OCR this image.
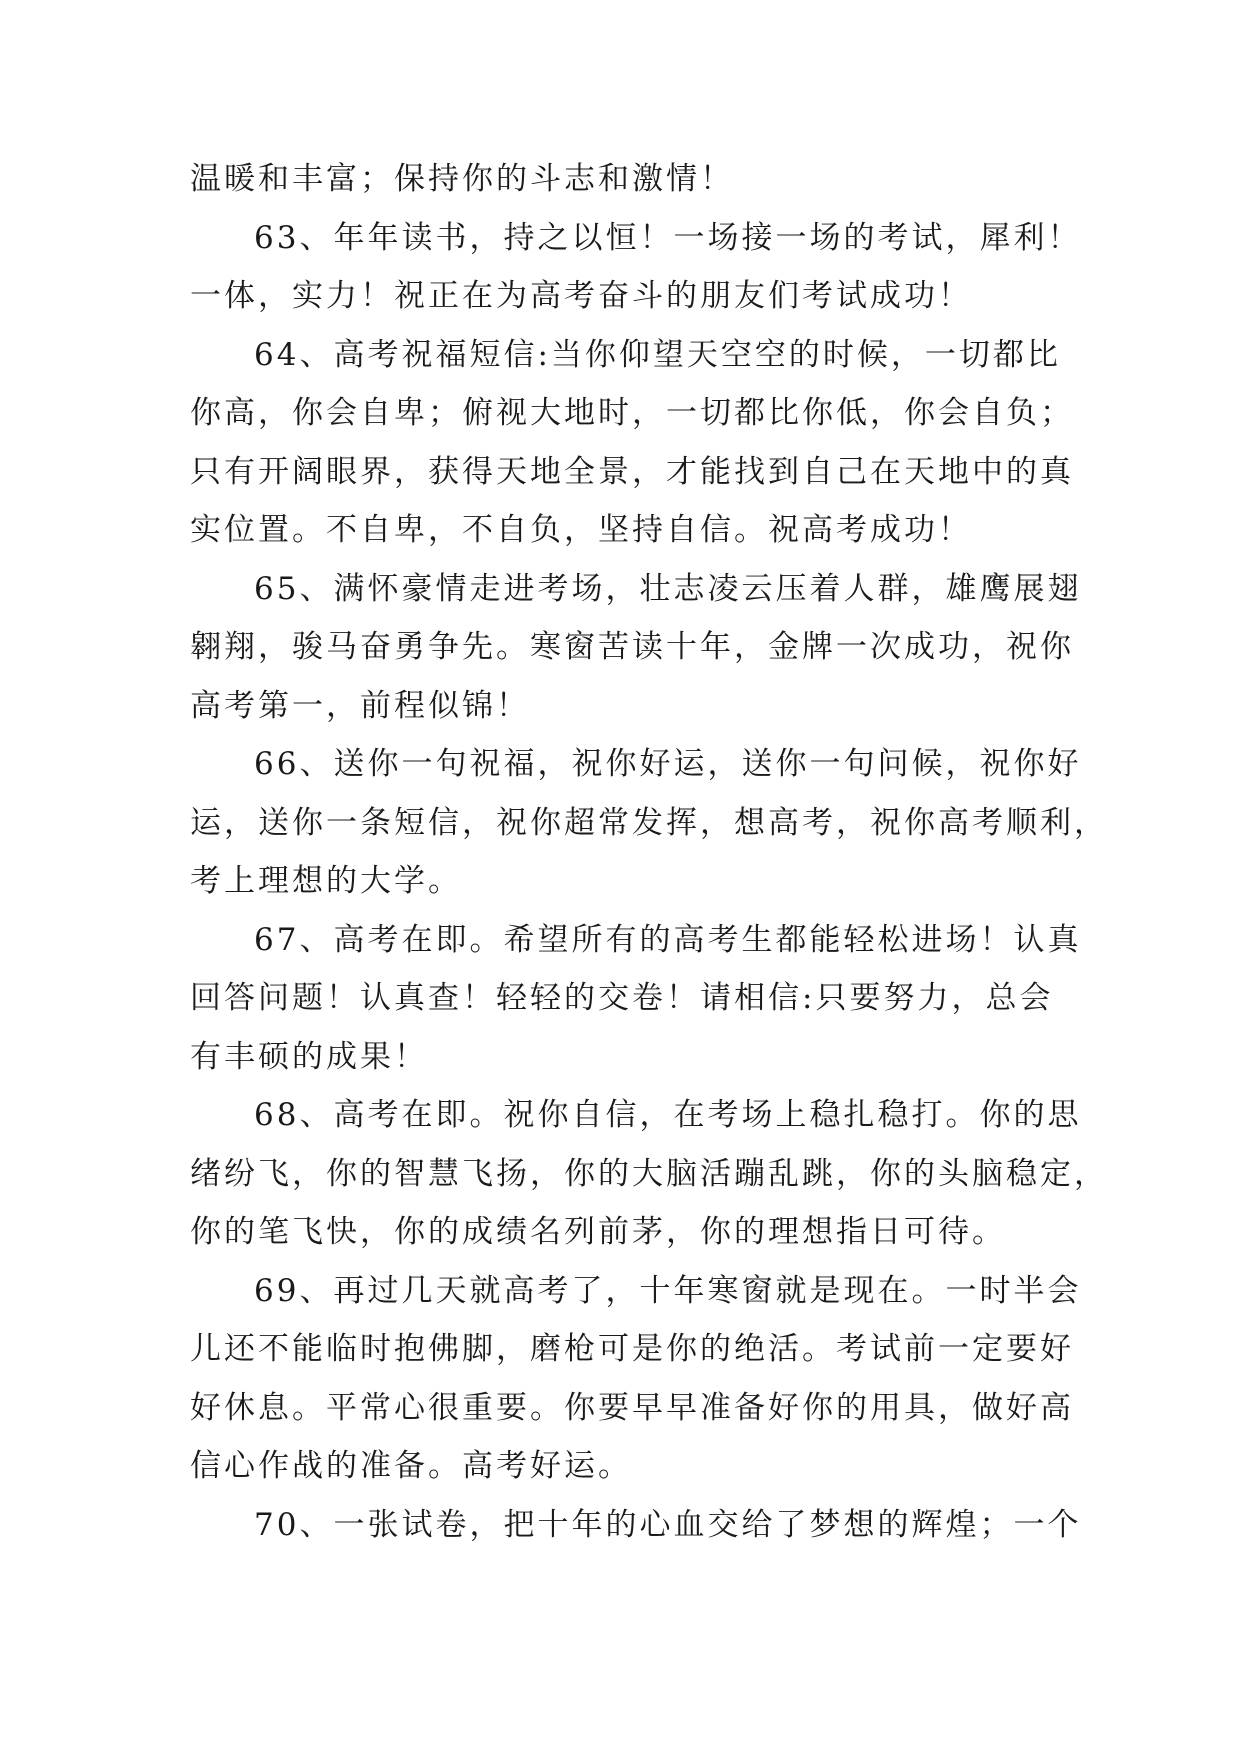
温暖和丰富；保持你的斗志和激情！
63、年年读书，持之以恒！一场接一场的考试，犀利！
一体，实力！祝正在为高考奋斗的朋友们考试成功！
64、高考祝福短信:当你仰望天空空的时候，一切都比
你高，你会自卑；俯视大地时，一切都比你低，你会自负；
只有开阔眼界，获得天地全景，才能找到自己在天地中的真
实位置。不自卑，不自负，坚持自信。祝高考成功！
65、满怀豪情走进考场，壮志凌云压着人群，雄鹰展翅
翱翔，骏马奋勇争先。寒窗苦读十年，金牌一次成功，祝你
高考第一，前程似锦！
66、送你一句祝福，祝你好运，送你一句问候，祝你好
运，送你一条短信，祝你超常发挥，想高考，祝你高考顺利，
考上理想的大学。
67、高考在即。希望所有的高考生都能轻松进场！认真
回答问题！认真查！轻轻的交卷！请相信:只要努力，总会
有丰硕的成果！
68、高考在即。祝你自信，在考场上稳扎稳打。你的思
绪纷飞，你的智慧飞扬，你的大脑活蹦乱跳，你的头脑稳定，
你的笔飞快，你的成绩名列前茅，你的理想指日可待。
69、再过几天就高考了，十年寒窗就是现在。一时半会
儿还不能临时抱佛脚，磨枪可是你的绝活。考试前一定要好
好休息。平常心很重要。你要早早准备好你的用具，做好高
信心作战的准备。高考好运。
70、一张试卷，把十年的心血交给了梦想的辉煌；一个
